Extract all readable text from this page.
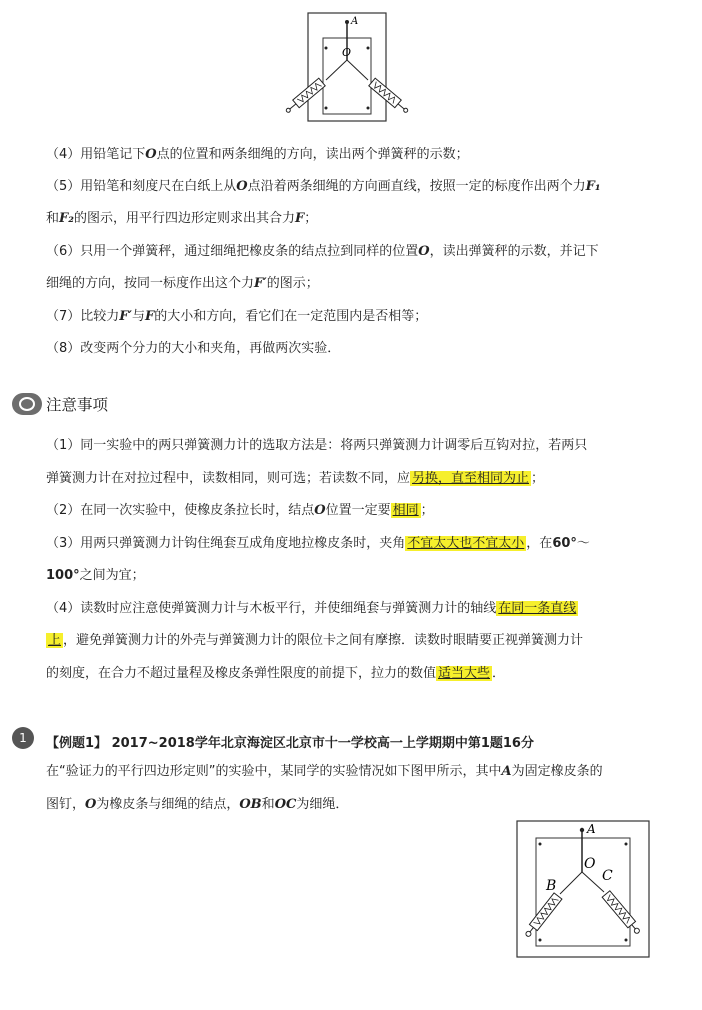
A
O
（4）用铅笔记下O点的位置和两条细绳的方向，读出两个弹簧秤的示数；
（5）用铅笔和刻度尺在白纸上从O点沿着两条细绳的方向画直线，按照一定的标度作出两个力F₁
和F₂的图示，用平行四边形定则求出其合力F；
（6）只用一个弹簧秤，通过细绳把橡皮条的结点拉到同样的位置O，读出弹簧秤的示数，并记下
细绳的方向，按同一标度作出这个力F′的图示；
（7）比较力F′与F的大小和方向，看它们在一定范围内是否相等；
（8）改变两个分力的大小和夹角，再做两次实验．
注意事项
（1）同一实验中的两只弹簧测力计的选取方法是：将两只弹簧测力计调零后互钩对拉，若两只
弹簧测力计在对拉过程中，读数相同，则可选；若读数不同，应 另换，直至相同为止 ；
（2）在同一次实验中，使橡皮条拉长时，结点O位置一定要 相同 ；
（3）用两只弹簧测力计钩住绳套互成角度地拉橡皮条时，夹角 不宜太大也不宜太小 ，在60°～
100°之间为宜；
（4）读数时应注意使弹簧测力计与木板平行，并使细绳套与弹簧测力计的轴线 在同一条直线
上 ，避免弹簧测力计的外壳与弹簧测力计的限位卡之间有摩擦．读数时眼睛要正视弹簧测力计
的刻度，在合力不超过量程及橡皮条弹性限度的前提下，拉力的数值 适当大些 ．
1	【例题1】 2017~2018学年北京海淀区北京市十一学校高一上学期期中第1题16分
在“验证力的平行四边形定则”的实验中，某同学的实验情况如下图甲所示，其中A为固定橡皮条的
图钉，O为橡皮条与细绳的结点，OB和OC为细绳．
A
O
B
C
